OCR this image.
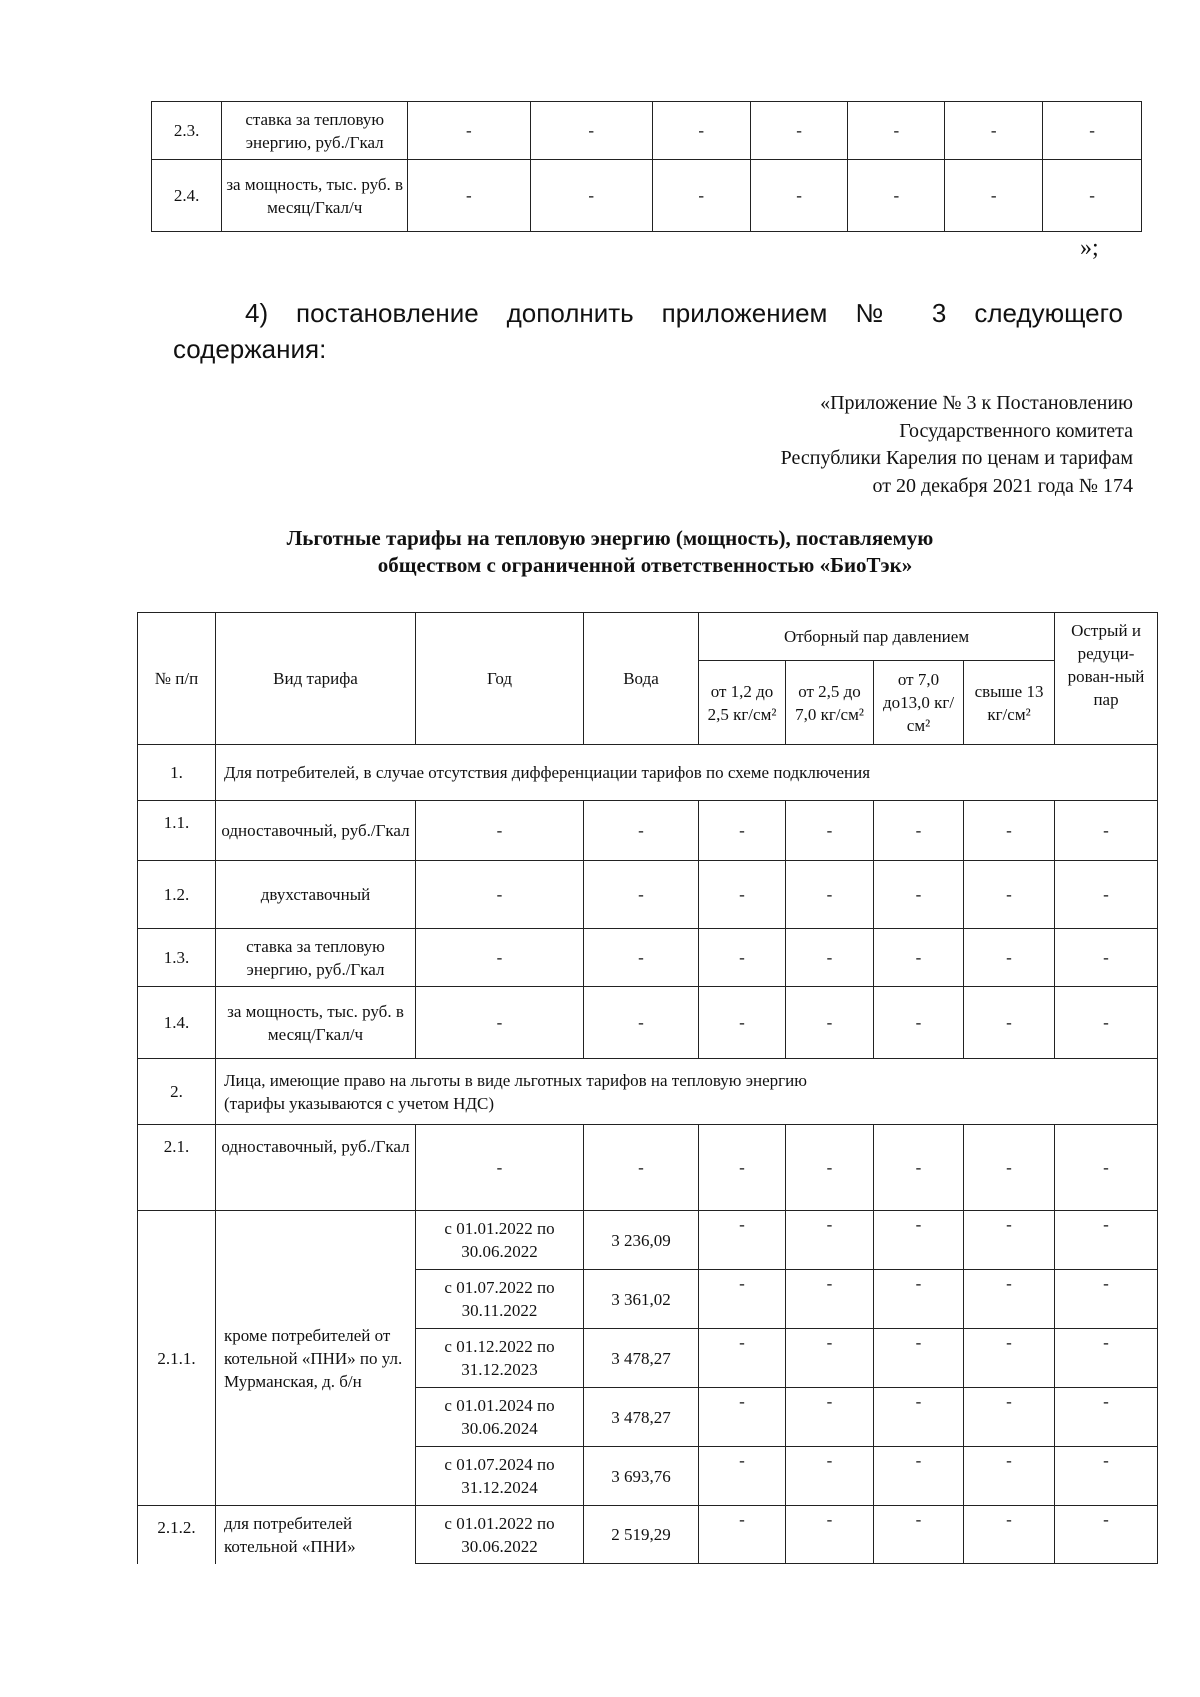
2.3.	ставка за тепловую энергию, руб./Гкал	-	-	-	-	-	-	-
2.4.	за мощность, тыс. руб. в месяц/Гкал/ч	-	-	-	-	-	-	-
»;
4) постановление дополнить приложением № 3 следующего
содержания:
«Приложение № 3 к Постановлению
Государственного комитета
Республики Карелия по ценам и тарифам
от 20 декабря 2021 года № 174
Льготные тарифы на тепловую энергию (мощность), поставляемую
обществом с ограниченной ответственностью «БиоТэк»
№ п/п	Вид тарифа	Год	Вода	Отборный пар давлением				Острый и редуци-рован-ный пар
				от 1,2 до 2,5 кг/см²	от 2,5 до 7,0 кг/см²	от 7,0 до13,0 кг/см²	свыше 13 кг/см²	
1.	Для потребителей, в случае отсутствия дифференциации тарифов по схеме подключения							
1.1.	одноставочный, руб./Гкал	-	-	-	-	-	-	-
1.2.	двухставочный	-	-	-	-	-	-	-
1.3.	ставка за тепловую энергию, руб./Гкал	-	-	-	-	-	-	-
1.4.	за мощность, тыс. руб. в месяц/Гкал/ч	-	-	-	-	-	-	-
2.	Лица, имеющие право на льготы в виде льготных тарифов на тепловую энергию
(тарифы указываются с учетом НДС)							

2.1.	одноставочный, руб./Гкал	-	-	-	-	-	-	-
2.1.1.	кроме потребителей от котельной «ПНИ» по ул. Мурманская, д. б/н	с 01.01.2022 по 30.06.2022	3 236,09	-	-	-	-	-
		с 01.07.2022 по 30.11.2022	3 361,02	-	-	-	-	-
		с 01.12.2022 по 31.12.2023	3 478,27	-	-	-	-	-
		с 01.01.2024 по 30.06.2024	3 478,27	-	-	-	-	-
		с 01.07.2024 по 31.12.2024	3 693,76	-	-	-	-	-
2.1.2.	для потребителей котельной «ПНИ»	с 01.01.2022 по 30.06.2022	2 519,29	-	-	-	-	-
